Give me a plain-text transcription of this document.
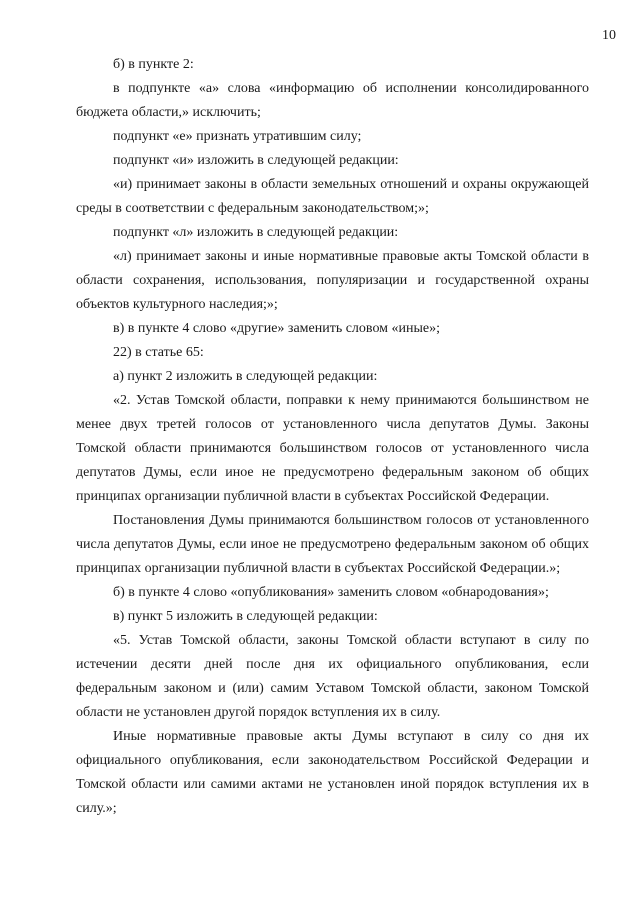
10

б) в пункте 2:

в подпункте «а» слова «информацию об исполнении консолидированного бюджета области,» исключить;

подпункт «е» признать утратившим силу;

подпункт «и» изложить в следующей редакции:

«и) принимает законы в области земельных отношений и охраны окружающей среды в соответствии с федеральным законодательством;»;

подпункт «л» изложить в следующей редакции:

«л) принимает законы и иные нормативные правовые акты Томской области в области сохранения, использования, популяризации и государственной охраны объектов культурного наследия;»;

в) в пункте 4 слово «другие» заменить словом «иные»;

22) в статье 65:

а) пункт 2 изложить в следующей редакции:

«2. Устав Томской области, поправки к нему принимаются большинством не менее двух третей голосов от установленного числа депутатов Думы. Законы Томской области принимаются большинством голосов от установленного числа депутатов Думы, если иное не предусмотрено федеральным законом об общих принципах организации публичной власти в субъектах Российской Федерации.

Постановления Думы принимаются большинством голосов от установленного числа депутатов Думы, если иное не предусмотрено федеральным законом об общих принципах организации публичной власти в субъектах Российской Федерации.»;

б) в пункте 4 слово «опубликования» заменить словом «обнародования»;

в) пункт 5 изложить в следующей редакции:

«5. Устав Томской области, законы Томской области вступают в силу по истечении десяти дней после дня их официального опубликования, если федеральным законом и (или) самим Уставом Томской области, законом Томской области не установлен другой порядок вступления их в силу.

Иные нормативные правовые акты Думы вступают в силу со дня их официального опубликования, если законодательством Российской Федерации и Томской области или самими актами не установлен иной порядок вступления их в силу.»;
